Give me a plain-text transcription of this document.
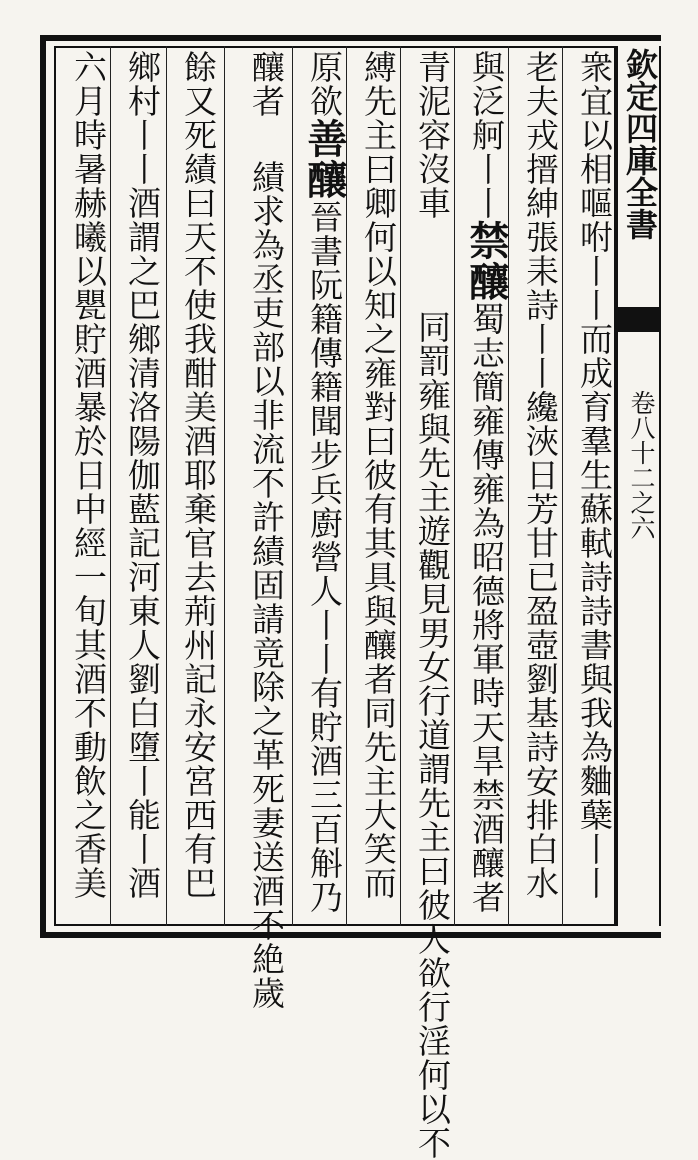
欽定四庫全書
卷八十二之六
衆宜以相嘔咐丨丨而成育羣生蘇軾詩詩書與我為麯蘖丨丨
老夫戎搢紳張耒詩丨丨纔浹日芳甘已盈壺劉基詩安排白水
與泛舸丨丨禁釀蜀志簡雍傳雍為昭德將軍時天旱禁酒釀者
青泥容沒車
同罰雍與先主遊觀見男女行道謂先主曰彼人欲行淫何以不
縛先主曰卿何以知之雍對曰彼有其具與釀者同先主大笑而
原欲善釀晉書阮籍傳籍聞步兵廚營人丨丨有貯酒三百斛乃
釀者
績求為丞吏部以非流不許績固請竟除之革死妻送酒不絶歲
餘又死績曰天不使我酣美酒耶棄官去荊州記永安宮西有巴
鄉村丨丨酒謂之巴鄉清洛陽伽藍記河東人劉白墮丨能丨酒
六月時暑赫曦以甖貯酒暴於日中經一旬其酒不動飲之香美
